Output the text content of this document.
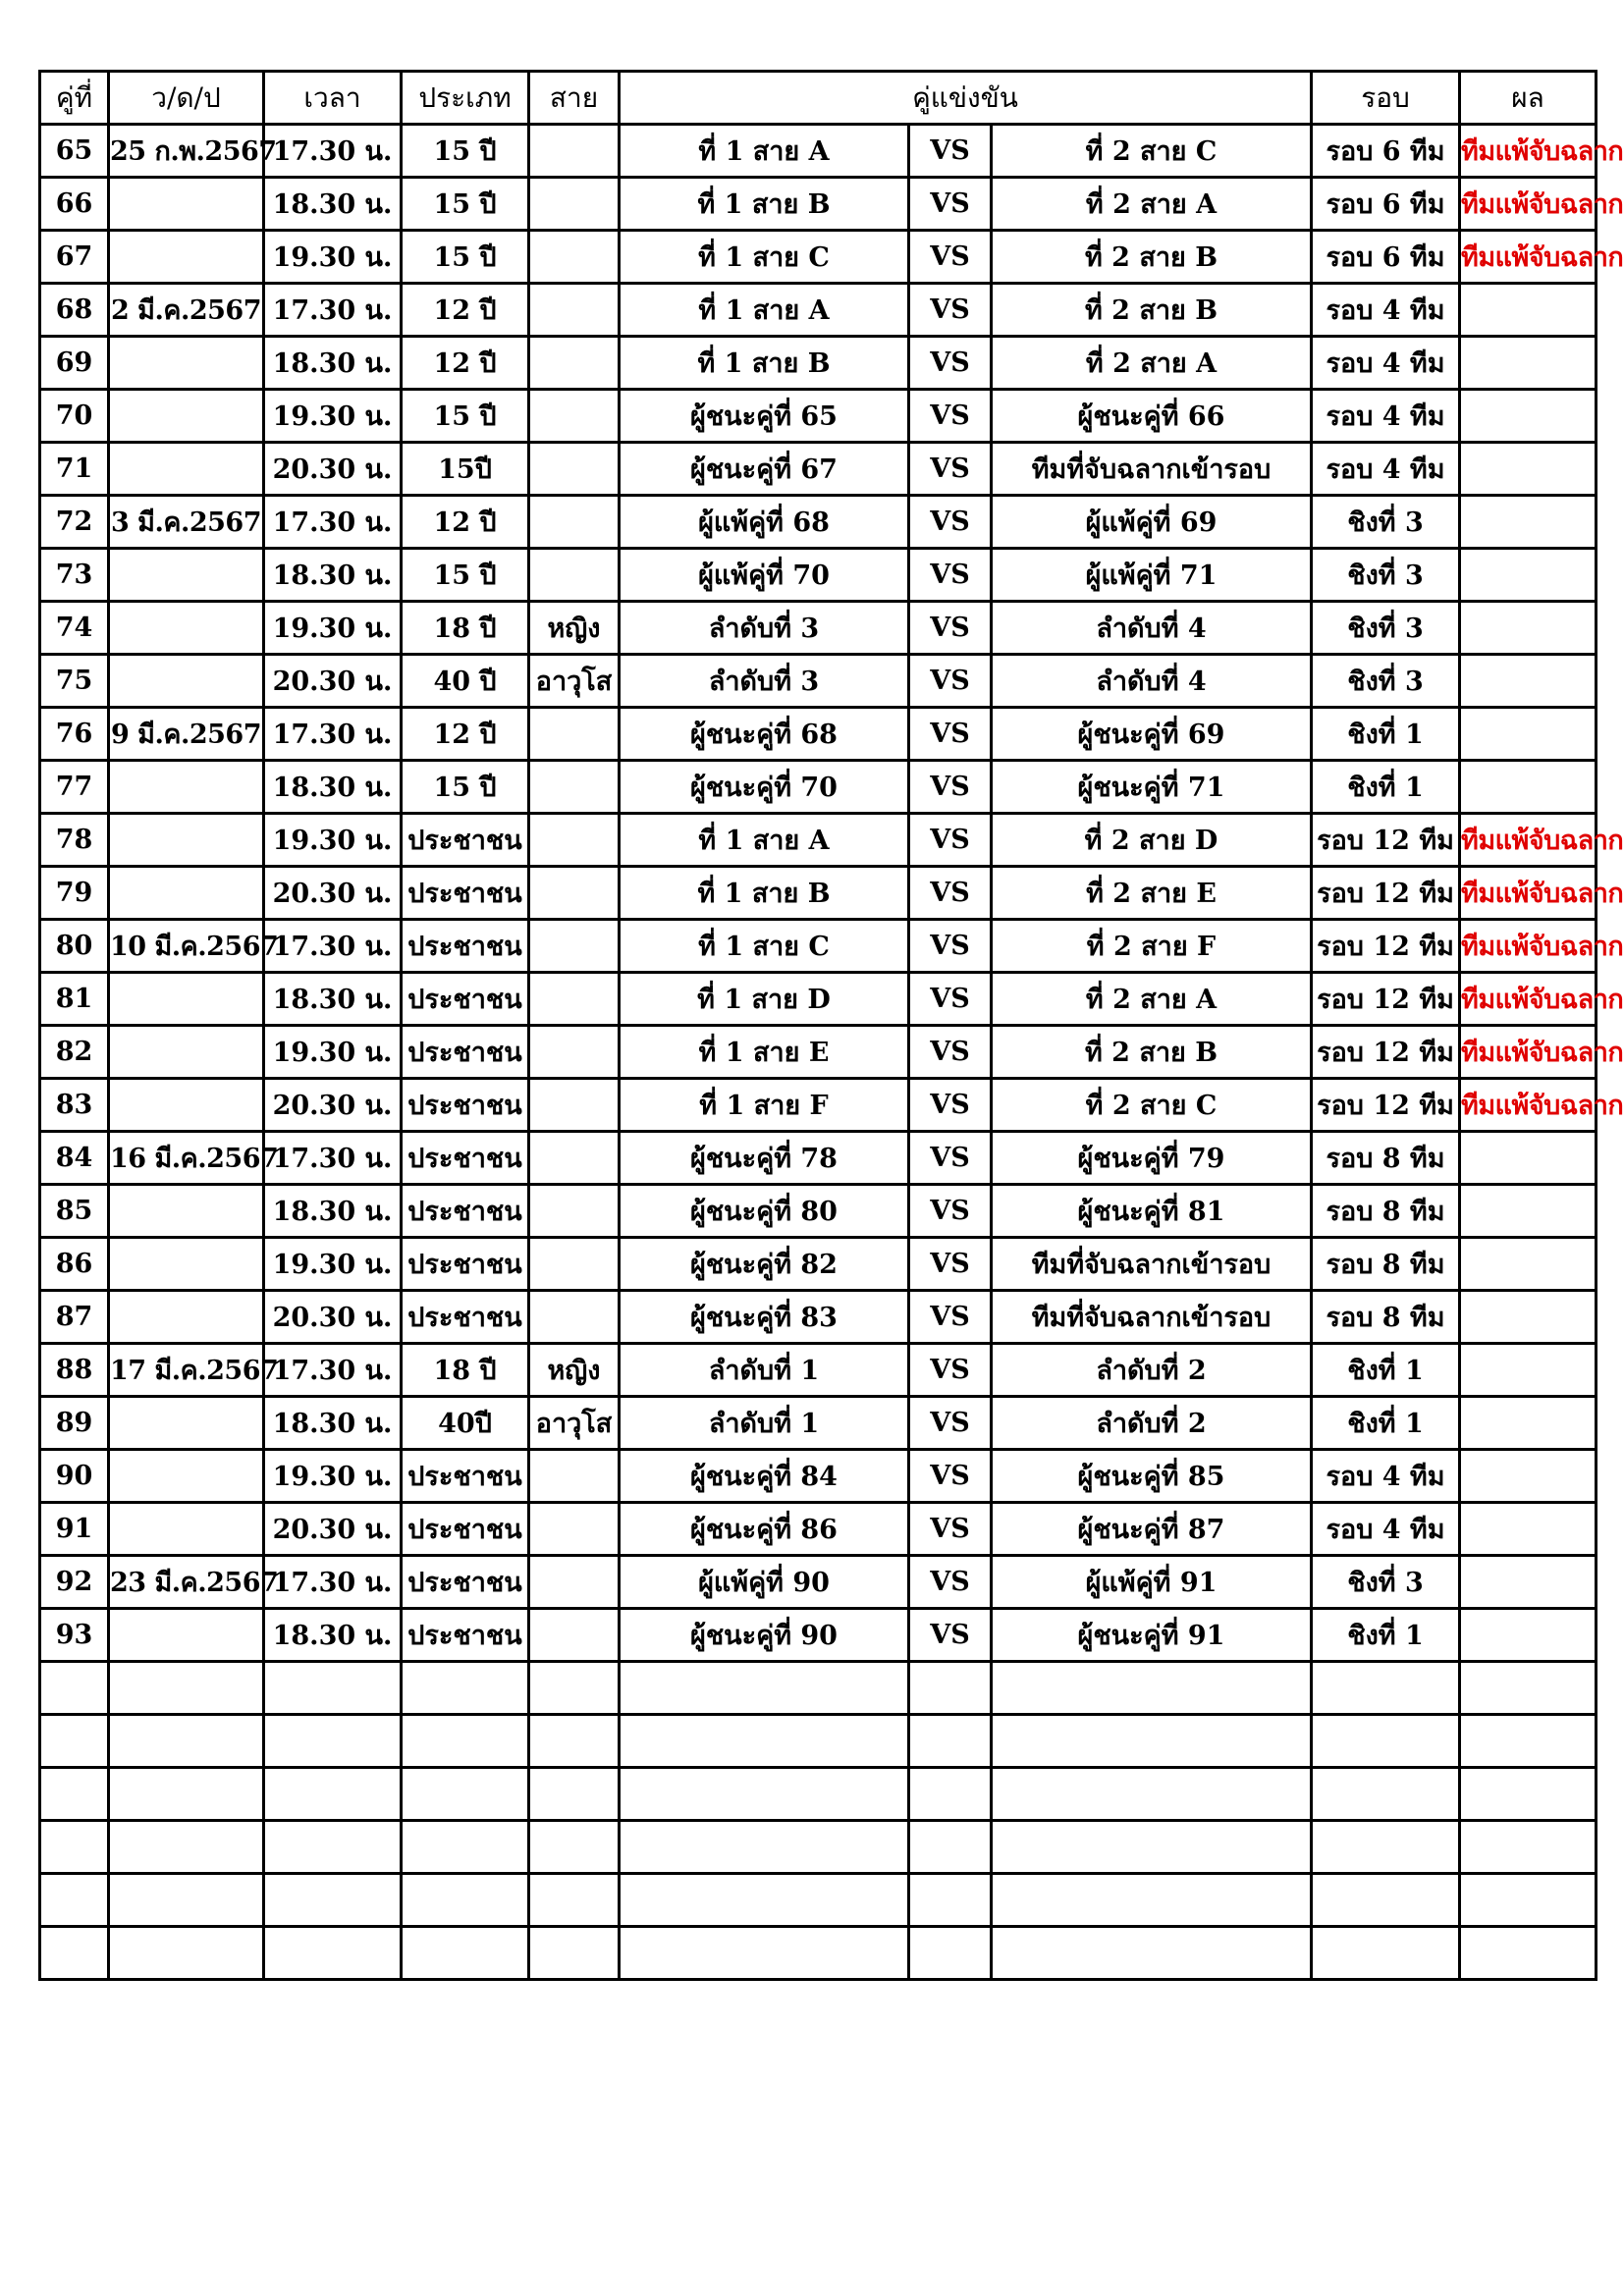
คู่ที่	ว/ด/ป	เวลา	ประเภท	สาย	คู่แข่งขัน			รอบ	ผล
65	25 ก.พ.2567	17.30 น.	15 ปี		ที่ 1 สาย A	VS	ที่ 2 สาย C	รอบ 6 ทีม	ทีมแพ้จับฉลาก
66		18.30 น.	15 ปี		ที่ 1 สาย B	VS	ที่ 2 สาย A	รอบ 6 ทีม	ทีมแพ้จับฉลาก
67		19.30 น.	15 ปี		ที่ 1 สาย C	VS	ที่ 2 สาย B	รอบ 6 ทีม	ทีมแพ้จับฉลาก
68	2 มี.ค.2567	17.30 น.	12 ปี		ที่ 1 สาย A	VS	ที่ 2 สาย B	รอบ 4 ทีม	
69		18.30 น.	12 ปี		ที่ 1 สาย B	VS	ที่ 2 สาย A	รอบ 4 ทีม	
70		19.30 น.	15 ปี		ผู้ชนะคู่ที่ 65	VS	ผู้ชนะคู่ที่ 66	รอบ 4 ทีม	
71		20.30 น.	15ปี		ผู้ชนะคู่ที่ 67	VS	ทีมที่จับฉลากเข้ารอบ	รอบ 4 ทีม	
72	3 มี.ค.2567	17.30 น.	12 ปี		ผู้แพ้คู่ที่ 68	VS	ผู้แพ้คู่ที่ 69	ชิงที่ 3	
73		18.30 น.	15 ปี		ผู้แพ้คู่ที่ 70	VS	ผู้แพ้คู่ที่ 71	ชิงที่ 3	
74		19.30 น.	18 ปี	หญิง	ลำดับที่ 3	VS	ลำดับที่ 4	ชิงที่ 3	
75		20.30 น.	40 ปี	อาวุโส	ลำดับที่ 3	VS	ลำดับที่ 4	ชิงที่ 3	
76	9 มี.ค.2567	17.30 น.	12 ปี		ผู้ชนะคู่ที่ 68	VS	ผู้ชนะคู่ที่ 69	ชิงที่ 1	
77		18.30 น.	15 ปี		ผู้ชนะคู่ที่ 70	VS	ผู้ชนะคู่ที่ 71	ชิงที่ 1	
78		19.30 น.	ประชาชน		ที่ 1 สาย A	VS	ที่ 2 สาย D	รอบ 12 ทีม	ทีมแพ้จับฉลาก
79		20.30 น.	ประชาชน		ที่ 1 สาย B	VS	ที่ 2 สาย E	รอบ 12 ทีม	ทีมแพ้จับฉลาก
80	10 มี.ค.2567	17.30 น.	ประชาชน		ที่ 1 สาย C	VS	ที่ 2 สาย F	รอบ 12 ทีม	ทีมแพ้จับฉลาก
81		18.30 น.	ประชาชน		ที่ 1 สาย D	VS	ที่ 2 สาย A	รอบ 12 ทีม	ทีมแพ้จับฉลาก
82		19.30 น.	ประชาชน		ที่ 1 สาย E	VS	ที่ 2 สาย B	รอบ 12 ทีม	ทีมแพ้จับฉลาก
83		20.30 น.	ประชาชน		ที่ 1 สาย F	VS	ที่ 2 สาย C	รอบ 12 ทีม	ทีมแพ้จับฉลาก
84	16 มี.ค.2567	17.30 น.	ประชาชน		ผู้ชนะคู่ที่ 78	VS	ผู้ชนะคู่ที่ 79	รอบ 8 ทีม	
85		18.30 น.	ประชาชน		ผู้ชนะคู่ที่ 80	VS	ผู้ชนะคู่ที่ 81	รอบ 8 ทีม	
86		19.30 น.	ประชาชน		ผู้ชนะคู่ที่ 82	VS	ทีมที่จับฉลากเข้ารอบ	รอบ 8 ทีม	
87		20.30 น.	ประชาชน		ผู้ชนะคู่ที่ 83	VS	ทีมที่จับฉลากเข้ารอบ	รอบ 8 ทีม	
88	17 มี.ค.2567	17.30 น.	18 ปี	หญิง	ลำดับที่ 1	VS	ลำดับที่ 2	ชิงที่ 1	
89		18.30 น.	40ปี	อาวุโส	ลำดับที่ 1	VS	ลำดับที่ 2	ชิงที่ 1	
90		19.30 น.	ประชาชน		ผู้ชนะคู่ที่ 84	VS	ผู้ชนะคู่ที่ 85	รอบ 4 ทีม	
91		20.30 น.	ประชาชน		ผู้ชนะคู่ที่ 86	VS	ผู้ชนะคู่ที่ 87	รอบ 4 ทีม	
92	23 มี.ค.2567	17.30 น.	ประชาชน		ผู้แพ้คู่ที่ 90	VS	ผู้แพ้คู่ที่ 91	ชิงที่ 3	
93		18.30 น.	ประชาชน		ผู้ชนะคู่ที่ 90	VS	ผู้ชนะคู่ที่ 91	ชิงที่ 1	
